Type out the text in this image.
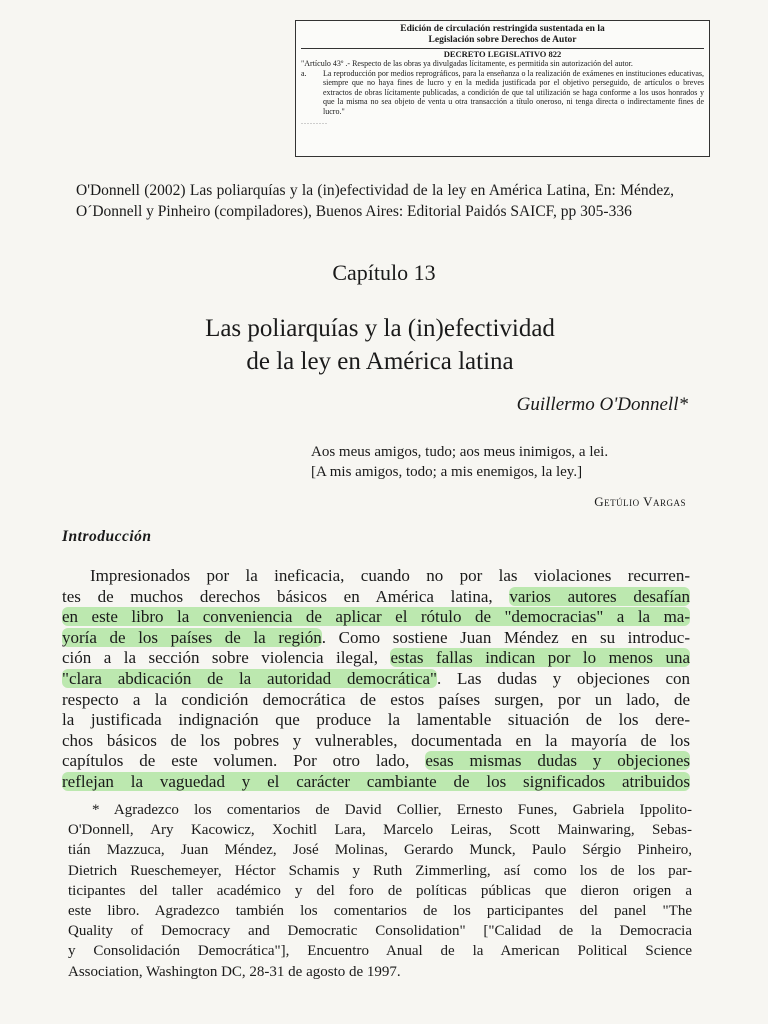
Edición de circulación restringida sustentada en la
Legislación sobre Derechos de Autor
DECRETO LEGISLATIVO 822
"Artículo 43º .- Respecto de las obras ya divulgadas lícitamente, es permitida sin autorización del autor.
a.	La reproducción por medios reprográficos, para la enseñanza o la realización de exámenes en instituciones educativas, siempre que no haya fines de lucro y en la medida justificada por el objetivo perseguido, de artículos o breves extractos de obras lícitamente publicadas, a condición de que tal utilización se haga conforme a los usos honrados y que la misma no sea objeto de venta u otra transacción a título oneroso, ni tenga directa o indirectamente fines de lucro."
.........
O'Donnell (2002) Las poliarquías y la (in)efectividad de la ley en América Latina, En: Méndez, O´Donnell y Pinheiro (compiladores), Buenos Aires: Editorial Paidós SAICF, pp 305-336
Capítulo 13
Las poliarquías y la (in)efectividad
de la ley en América latina
Guillermo O'Donnell*
Aos meus amigos, tudo; aos meus inimigos, a lei.
[A mis amigos, todo; a mis enemigos, la ley.]
Getúlio Vargas
Introducción
Impresionados por la ineficacia, cuando no por las violaciones recurren-
tes de muchos derechos básicos en América latina, varios autores desafían
en este libro la conveniencia de aplicar el rótulo de "democracias" a la ma-
yoría de los países de la región. Como sostiene Juan Méndez en su introduc-
ción a la sección sobre violencia ilegal, estas fallas indican por lo menos una
"clara abdicación de la autoridad democrática". Las dudas y objeciones con
respecto a la condición democrática de estos países surgen, por un lado, de
la justificada indignación que produce la lamentable situación de los dere-
chos básicos de los pobres y vulnerables, documentada en la mayoría de los
capítulos de este volumen. Por otro lado, esas mismas dudas y objeciones
reflejan la vaguedad y el carácter cambiante de los significados atribuidos
* Agradezco los comentarios de David Collier, Ernesto Funes, Gabriela Ippolito-
O'Donnell, Ary Kacowicz, Xochitl Lara, Marcelo Leiras, Scott Mainwaring, Sebas-
tián Mazzuca, Juan Méndez, José Molinas, Gerardo Munck, Paulo Sérgio Pinheiro,
Dietrich Rueschemeyer, Héctor Schamis y Ruth Zimmerling, así como los de los par-
ticipantes del taller académico y del foro de políticas públicas que dieron origen a
este libro. Agradezco también los comentarios de los participantes del panel "The
Quality of Democracy and Democratic Consolidation" ["Calidad de la Democracia
y Consolidación Democrática"], Encuentro Anual de la American Political Science
Association, Washington DC, 28-31 de agosto de 1997.
